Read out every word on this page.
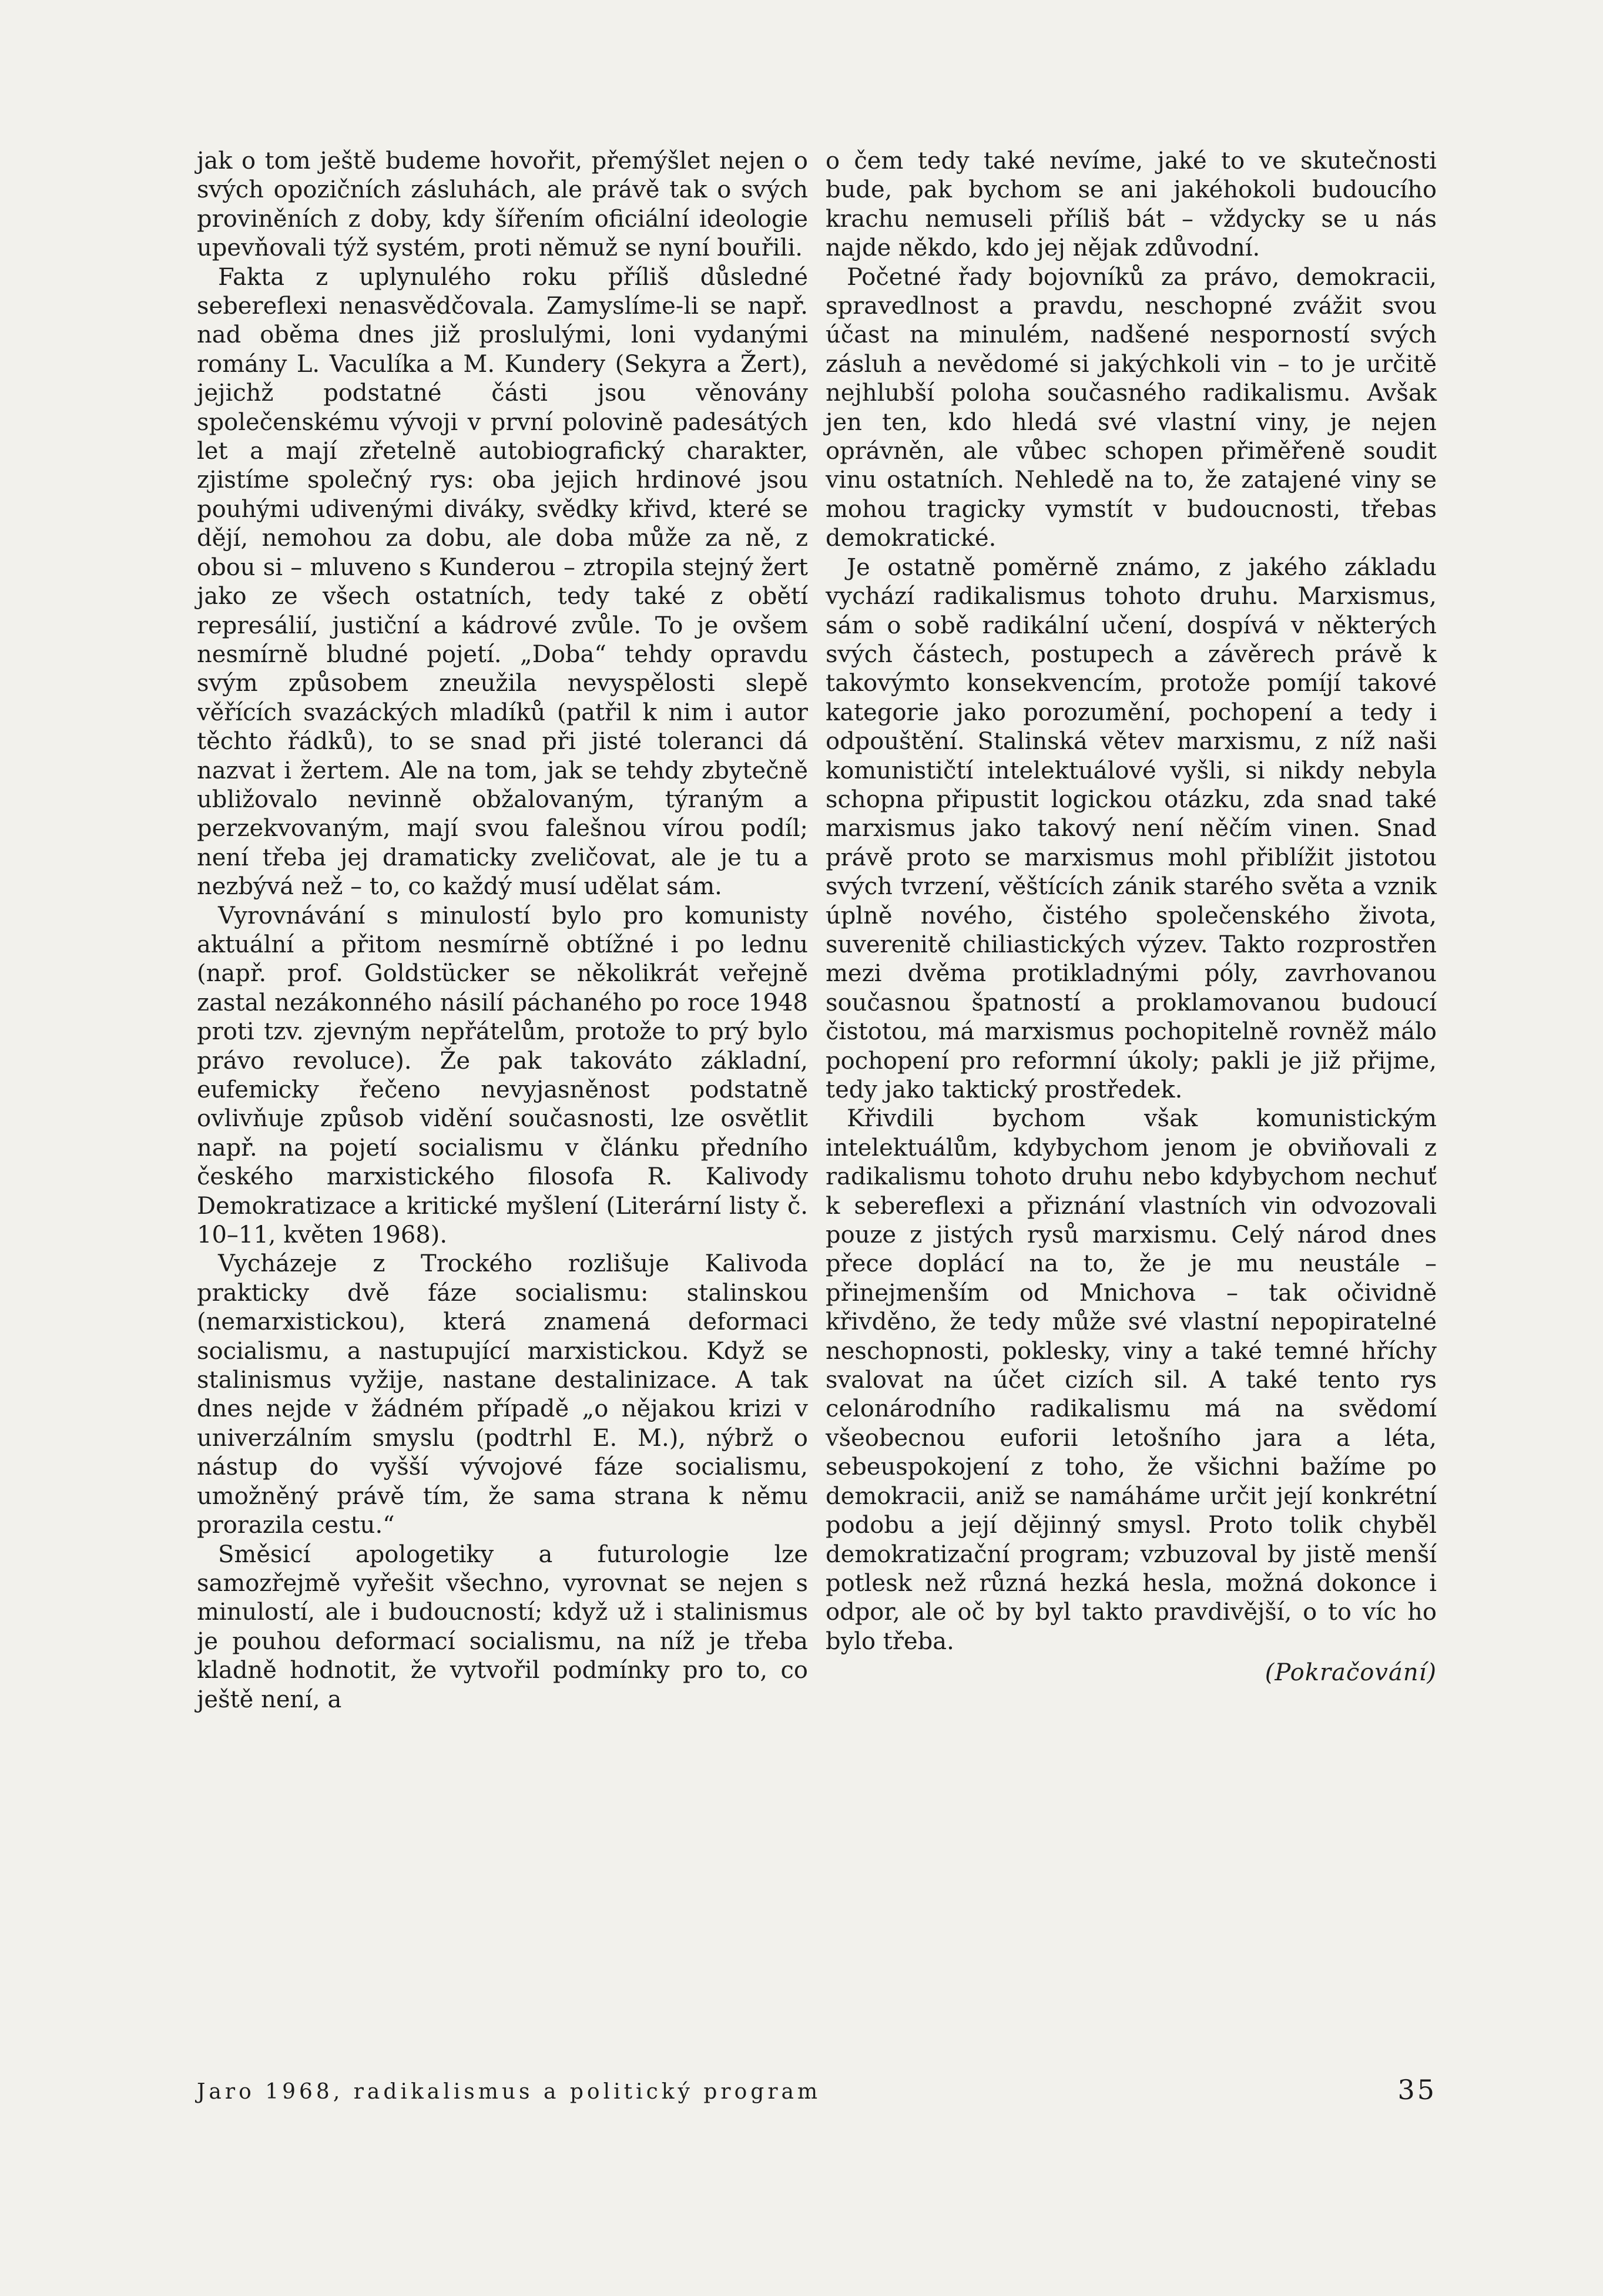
jak o tom ještě budeme hovořit, přemýšlet nejen o svých opozičních zásluhách, ale právě tak o svých proviněních z doby, kdy šířením oficiální ideologie upevňovali týž systém, proti němuž se nyní bouřili.

Fakta z uplynulého roku příliš důsledné sebereflexi nenasvědčovala. Zamyslíme-li se např. nad oběma dnes již proslulými, loni vydanými romány L. Vaculíka a M. Kundery (Sekyra a Žert), jejichž podstatné části jsou věnovány společenskému vývoji v první polovině padesátých let a mají zřetelně autobiografický charakter, zjistíme společný rys: oba jejich hrdinové jsou pouhými udivenými diváky, svědky křivd, které se dějí, nemohou za dobu, ale doba může za ně, z obou si – mluveno s Kunderou – ztropila stejný žert jako ze všech ostatních, tedy také z obětí represálií, justiční a kádrové zvůle. To je ovšem nesmírně bludné pojetí. „Doba“ tehdy opravdu svým způsobem zneužila nevyspělosti slepě věřících svazáckých mladíků (patřil k nim i autor těchto řádků), to se snad při jisté toleranci dá nazvat i žertem. Ale na tom, jak se tehdy zbytečně ubližovalo nevinně obžalovaným, týraným a perzekvovaným, mají svou falešnou vírou podíl; není třeba jej dramaticky zveličovat, ale je tu a nezbývá než – to, co každý musí udělat sám.

Vyrovnávání s minulostí bylo pro komunisty aktuální a přitom nesmírně obtížné i po lednu (např. prof. Goldstücker se několikrát veřejně zastal nezákonného násilí páchaného po roce 1948 proti tzv. zjevným nepřátelům, protože to prý bylo právo revoluce). Že pak takováto základní, eufemicky řečeno nevyjasněnost podstatně ovlivňuje způsob vidění současnosti, lze osvětlit např. na pojetí socialismu v článku předního českého marxistického filosofa R. Kalivody Demokratizace a kritické myšlení (Literární listy č. 10–11, květen 1968).

Vycházeje z Trockého rozlišuje Kalivoda prakticky dvě fáze socialismu: stalinskou (nemarxistickou), která znamená deformaci socialismu, a nastupující marxistickou. Když se stalinismus vyžije, nastane destalinizace. A tak dnes nejde v žádném případě „o nějakou krizi v univerzálním smyslu (podtrhl E. M.), nýbrž o nástup do vyšší vývojové fáze socialismu, umožněný právě tím, že sama strana k němu prorazila cestu.“

Směsicí apologetiky a futurologie lze samozřejmě vyřešit všechno, vyrovnat se nejen s minulostí, ale i budoucností; když už i stalinismus je pouhou deformací socialismu, na níž je třeba kladně hodnotit, že vytvořil podmínky pro to, co ještě není, a

o čem tedy také nevíme, jaké to ve skutečnosti bude, pak bychom se ani jakéhokoli budoucího krachu nemuseli příliš bát – vždycky se u nás najde někdo, kdo jej nějak zdůvodní.

Početné řady bojovníků za právo, demokracii, spravedlnost a pravdu, neschopné zvážit svou účast na minulém, nadšené nesporností svých zásluh a nevědomé si jakýchkoli vin – to je určitě nejhlubší poloha současného radikalismu. Avšak jen ten, kdo hledá své vlastní viny, je nejen oprávněn, ale vůbec schopen přiměřeně soudit vinu ostatních. Nehledě na to, že zatajené viny se mohou tragicky vymstít v budoucnosti, třebas demokratické.

Je ostatně poměrně známo, z jakého základu vychází radikalismus tohoto druhu. Marxismus, sám o sobě radikální učení, dospívá v některých svých částech, postupech a závěrech právě k takovýmto konsekvencím, protože pomíjí takové kategorie jako porozumění, pochopení a tedy i odpouštění. Stalinská větev marxismu, z níž naši komunističtí intelektuálové vyšli, si nikdy nebyla schopna připustit logickou otázku, zda snad také marxismus jako takový není něčím vinen. Snad právě proto se marxismus mohl přiblížit jistotou svých tvrzení, věštících zánik starého světa a vznik úplně nového, čistého společenského života, suverenitě chiliastických výzev. Takto rozprostřen mezi dvěma protikladnými póly, zavrhovanou současnou špatností a proklamovanou budoucí čistotou, má marxismus pochopitelně rovněž málo pochopení pro reformní úkoly; pakli je již přijme, tedy jako taktický prostředek.

Křivdili bychom však komunistickým intelektuálům, kdybychom jenom je obviňovali z radikalismu tohoto druhu nebo kdybychom nechuť k sebereflexi a přiznání vlastních vin odvozovali pouze z jistých rysů marxismu. Celý národ dnes přece doplácí na to, že je mu neustále – přinejmenším od Mnichova – tak očividně křivděno, že tedy může své vlastní nepopiratelné neschopnosti, poklesky, viny a také temné hříchy svalovat na účet cizích sil. A také tento rys celonárodního radikalismu má na svědomí všeobecnou euforii letošního jara a léta, sebeuspokojení z toho, že všichni bažíme po demokracii, aniž se namáháme určit její konkrétní podobu a její dějinný smysl. Proto tolik chyběl demokratizační program; vzbuzoval by jistě menší potlesk než různá hezká hesla, možná dokonce i odpor, ale oč by byl takto pravdivější, o to víc ho bylo třeba.

(Pokračování)
Jaro 1968, radikalismus a politický program	35
